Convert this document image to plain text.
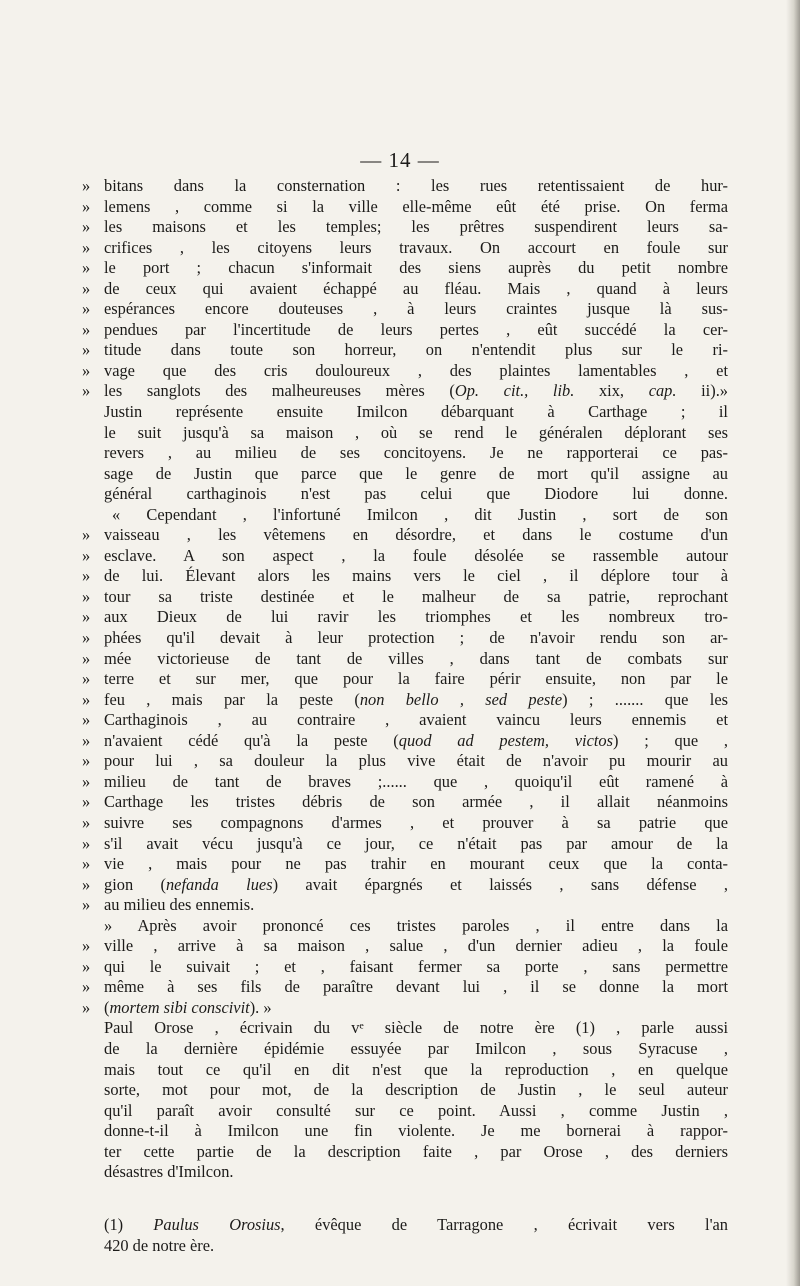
— 14 —
» bitans dans la consternation : les rues retentissaient de hur-
» lemens , comme si la ville elle-même eût été prise. On ferma
» les maisons et les temples; les prêtres suspendirent leurs sa-
» crifices , les citoyens leurs travaux. On accourt en foule sur
» le port ; chacun s'informait des siens auprès du petit nombre
» de ceux qui avaient échappé au fléau. Mais , quand à leurs
» espérances encore douteuses , à leurs craintes jusque là sus-
» pendues par l'incertitude de leurs pertes , eût succédé la cer-
» titude dans toute son horreur, on n'entendit plus sur le ri-
» vage que des cris douloureux , des plaintes lamentables , et
» les sanglots des malheureuses mères (Op. cit., lib. xix, cap. ii).»
Justin représente ensuite Imilcon débarquant à Carthage ; il
le suit jusqu'à sa maison , où se rend le généralen déplorant ses
revers , au milieu de ses concitoyens. Je ne rapporterai ce pas-
sage de Justin que parce que le genre de mort qu'il assigne au
général carthaginois n'est pas celui que Diodore lui donne.
« Cependant , l'infortuné Imilcon , dit Justin , sort de son
» vaisseau , les vêtemens en désordre, et dans le costume d'un
» esclave. A son aspect , la foule désolée se rassemble autour
» de lui. Élevant alors les mains vers le ciel , il déplore tour à
» tour sa triste destinée et le malheur de sa patrie, reprochant
» aux Dieux de lui ravir les triomphes et les nombreux tro-
» phées qu'il devait à leur protection ; de n'avoir rendu son ar-
» mée victorieuse de tant de villes , dans tant de combats sur
» terre et sur mer, que pour la faire périr ensuite, non par le
» feu , mais par la peste (non bello , sed peste) ; ....... que les
» Carthaginois , au contraire , avaient vaincu leurs ennemis et
» n'avaient cédé qu'à la peste (quod ad pestem, victos) ; que ,
» pour lui , sa douleur la plus vive était de n'avoir pu mourir au
» milieu de tant de braves ;...... que , quoiqu'il eût ramené à
» Carthage les tristes débris de son armée , il allait néanmoins
» suivre ses compagnons d'armes , et prouver à sa patrie que
» s'il avait vécu jusqu'à ce jour, ce n'était pas par amour de la
» vie , mais pour ne pas trahir en mourant ceux que la conta-
» gion (nefanda lues) avait épargnés et laissés , sans défense ,
» au milieu des ennemis.
» Après avoir prononcé ces tristes paroles , il entre dans la
» ville , arrive à sa maison , salue , d'un dernier adieu , la foule
» qui le suivait ; et , faisant fermer sa porte , sans permettre
» même à ses fils de paraître devant lui , il se donne la mort
» (mortem sibi conscivit). »
Paul Orose , écrivain du vᵉ siècle de notre ère (1) , parle aussi
de la dernière épidémie essuyée par Imilcon , sous Syracuse ,
mais tout ce qu'il en dit n'est que la reproduction , en quelque
sorte, mot pour mot, de la description de Justin , le seul auteur
qu'il paraît avoir consulté sur ce point. Aussi , comme Justin ,
donne-t-il à Imilcon une fin violente. Je me bornerai à rappor-
ter cette partie de la description faite , par Orose , des derniers
désastres d'Imilcon.
(1) Paulus Orosius, évêque de Tarragone , écrivait vers l'an
420 de notre ère.
